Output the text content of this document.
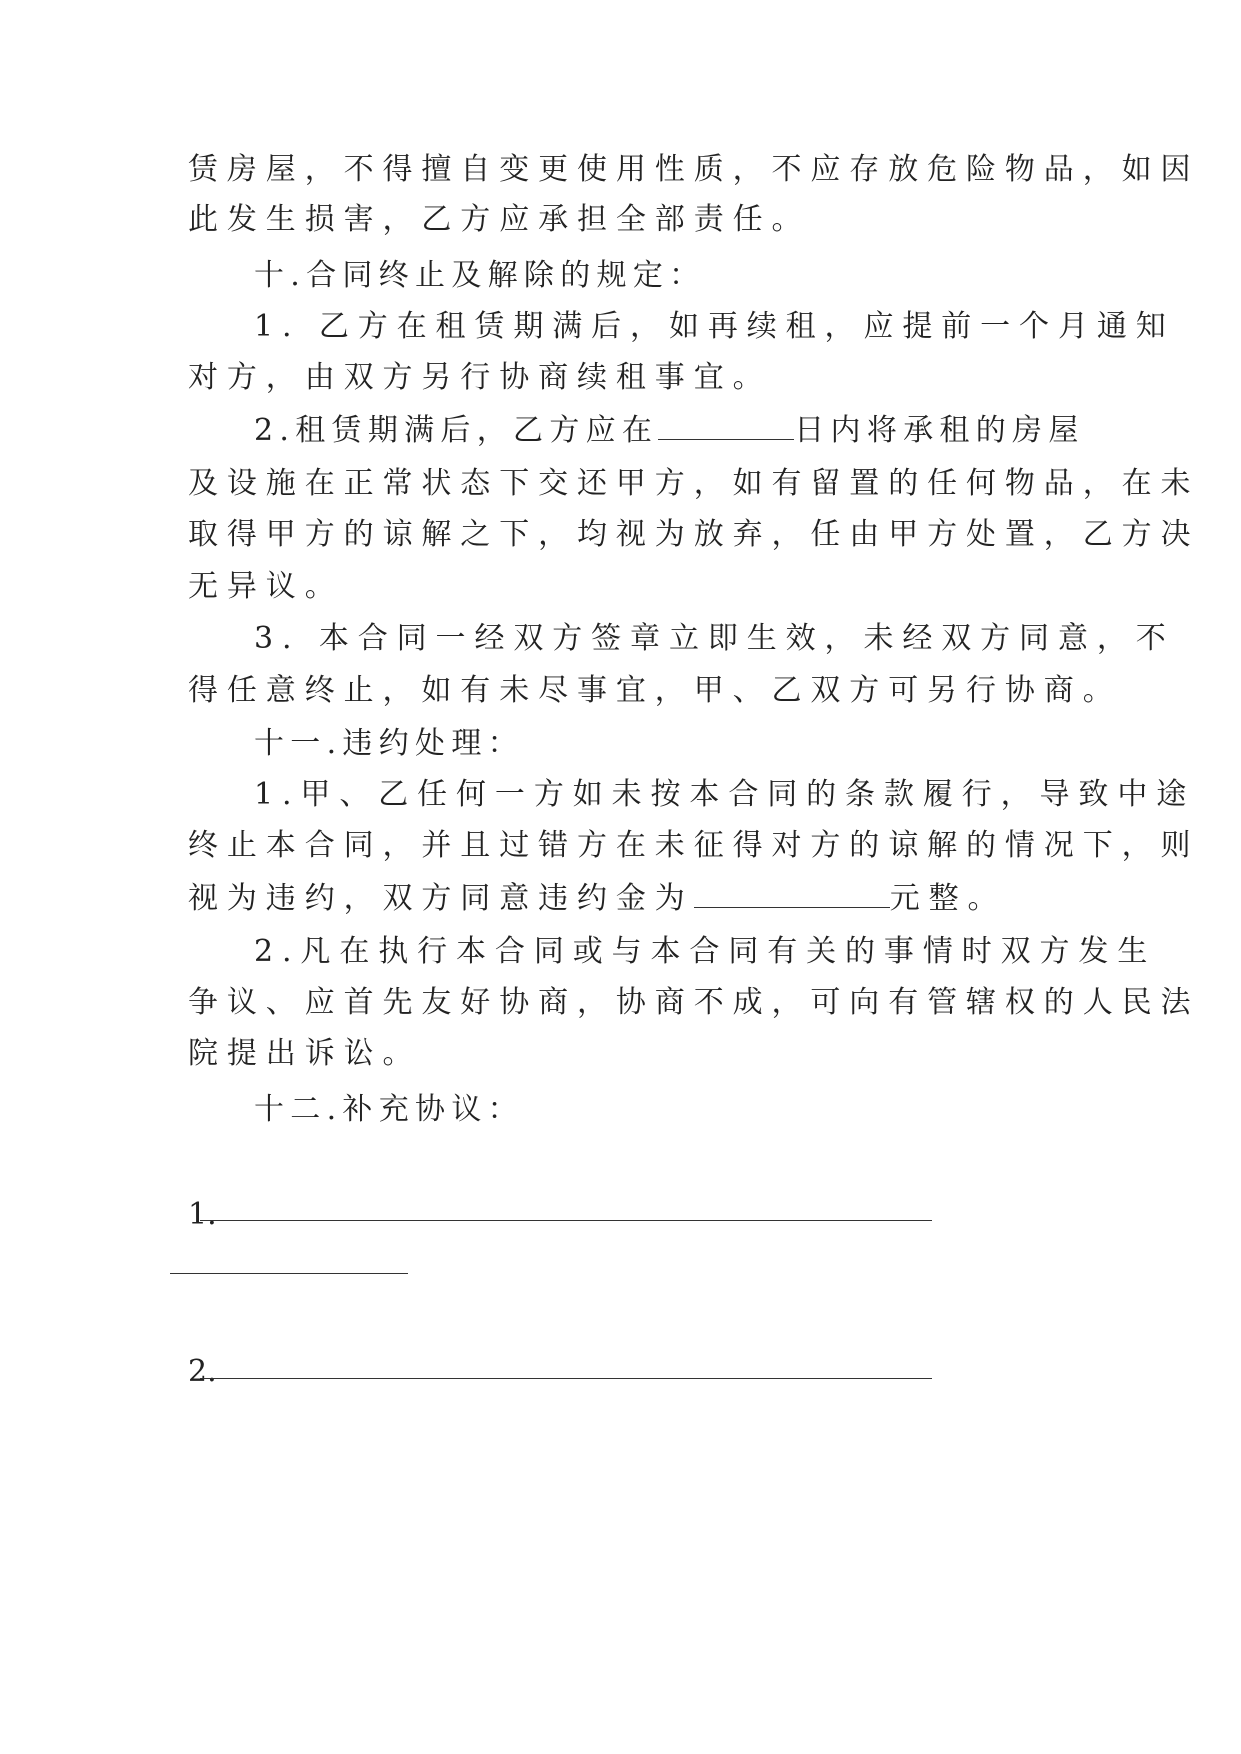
赁房屋，不得擅自变更使用性质，不应存放危险物品，如因
此发生损害，乙方应承担全部责任。
十.合同终止及解除的规定：
1. 乙方在租赁期满后，如再续租，应提前一个月通知
对方，由双方另行协商续租事宜。
2.租赁期满后，乙方应在	日内将承租的房屋
及设施在正常状态下交还甲方，如有留置的任何物品，在未
取得甲方的谅解之下，均视为放弃，任由甲方处置，乙方决
无异议。
3. 本合同一经双方签章立即生效，未经双方同意，不
得任意终止，如有未尽事宜，甲、乙双方可另行协商。
十一.违约处理：
1.甲、乙任何一方如未按本合同的条款履行，导致中途
终止本合同，并且过错方在未征得对方的谅解的情况下，则
视为违约，双方同意违约金为	元整。
2.凡在执行本合同或与本合同有关的事情时双方发生
争议、应首先友好协商，协商不成，可向有管辖权的人民法
院提出诉讼。
十二.补充协议：
1.
2.
